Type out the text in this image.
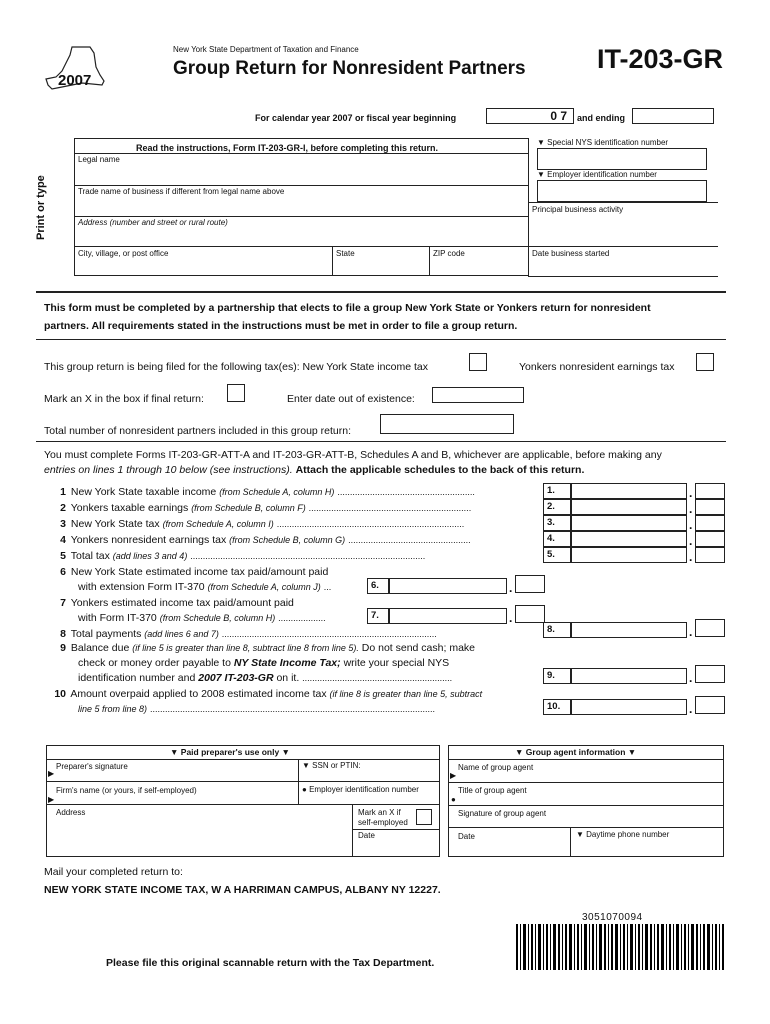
2007
New York State Department of Taxation and Finance
Group Return for Nonresident Partners	IT-203-GR
For calendar year 2007 or fiscal year beginning	0 7	and ending
Print or type
Read the instructions, Form IT-203-GR-I, before completing this return.
Legal name
Trade name of business if different from legal name above
Address (number and street or rural route)
City, village, or post office	State	ZIP code
▼ Special NYS identification number
▼ Employer identification number
Principal business activity
Date business started
This form must be completed by a partnership that elects to file a group New York State or Yonkers return for nonresident
partners. All requirements stated in the instructions must be met in order to file a group return.
This group return is being filed for the following tax(es): New York State income tax	Yonkers nonresident earnings tax
Mark an X in the box if final return:	Enter date out of existence:
Total number of nonresident partners included in this group return:
You must complete Forms IT-203-GR-ATT-A and IT-203-GR-ATT-B, Schedules A and B, whichever are applicable, before making any
entries on lines 1 through 10 below (see instructions). Attach the applicable schedules to the back of this return.
1 New York State taxable income (from Schedule A, column H) .......................................................
2 Yonkers taxable earnings (from Schedule B, column F) .................................................................
3 New York State tax (from Schedule A, column I) ...........................................................................
4 Yonkers nonresident earnings tax (from Schedule B, column G) .................................................
5 Total tax (add lines 3 and 4) ..............................................................................................
1.	.
2.	.
3.	.
4.	.
5.	.
6 New York State estimated income tax paid/amount paid
with extension Form IT-370 (from Schedule A, column J) ...	6.	.
7 Yonkers estimated income tax paid/amount paid
with Form IT-370 (from Schedule B, column H) ...................	7.	.
8 Total payments (add lines 6 and 7) ......................................................................................	8.	.
9 Balance due (if line 5 is greater than line 8, subtract line 8 from line 5). Do not send cash; make
check or money order payable to NY State Income Tax; write your special NYS
identification number and 2007 IT-203-GR on it. ............................................................	9.	.
10 Amount overpaid applied to 2008 estimated income tax (if line 8 is greater than line 5, subtract
line 5 from line 8) ..................................................................................................................	10.	.
▼ Paid preparer's use only ▼
Preparer's signature
▶
▼ SSN or PTIN:
Firm's name (or yours, if self-employed)
▶
● Employer identification number
Address	Mark an X if self-employed
Date
▼ Group agent information ▼
Name of group agent
▶
Title of group agent
●
Signature of group agent
Date	▼ Daytime phone number
Mail your completed return to:
NEW YORK STATE INCOME TAX, W A HARRIMAN CAMPUS, ALBANY NY 12227.
3051070094
Please file this original scannable return with the Tax Department.
